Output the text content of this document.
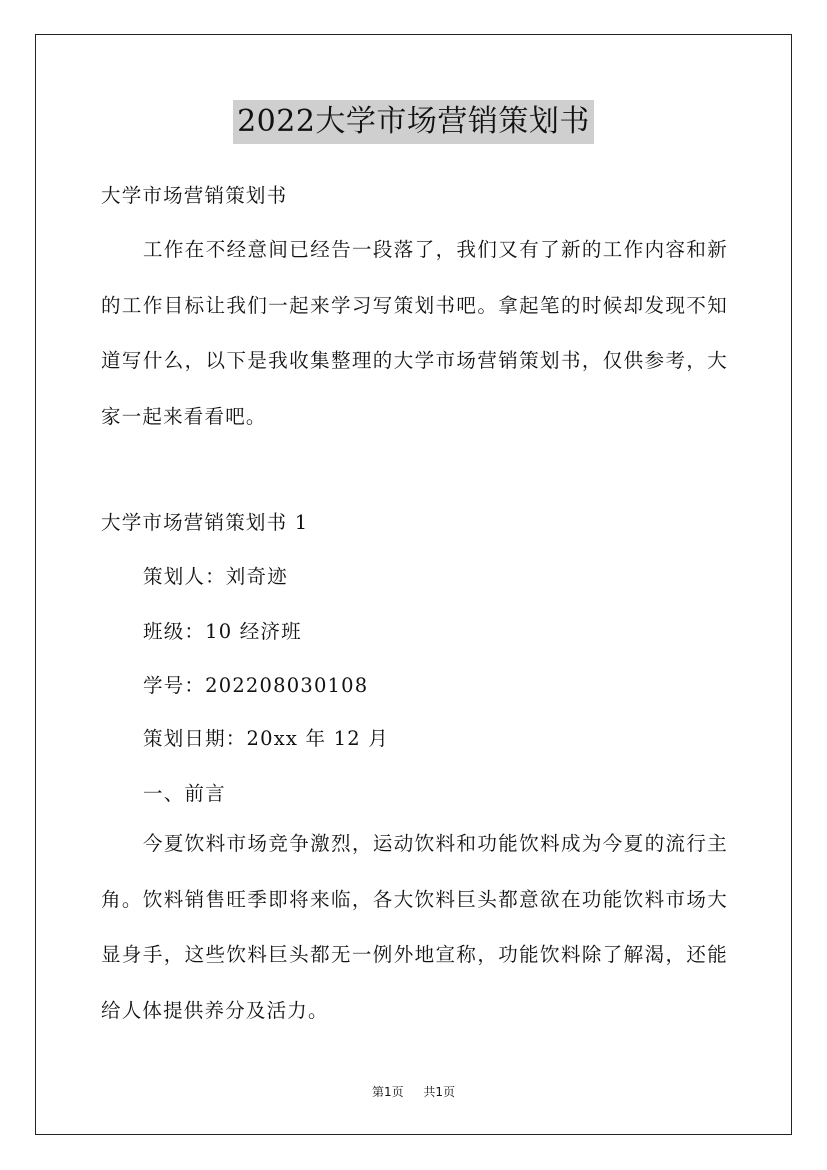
2022大学市场营销策划书
大学市场营销策划书
工作在不经意间已经告一段落了，我们又有了新的工作内容和新的工作目标让我们一起来学习写策划书吧。拿起笔的时候却发现不知道写什么，以下是我收集整理的大学市场营销策划书，仅供参考，大家一起来看看吧。
大学市场营销策划书 1
策划人：刘奇迹
班级：10 经济班
学号：202208030108
策划日期：20xx 年 12 月
一、前言
今夏饮料市场竞争激烈，运动饮料和功能饮料成为今夏的流行主角。饮料销售旺季即将来临，各大饮料巨头都意欲在功能饮料市场大显身手，这些饮料巨头都无一例外地宣称，功能饮料除了解渴，还能给人体提供养分及活力。
第1页 共1页
